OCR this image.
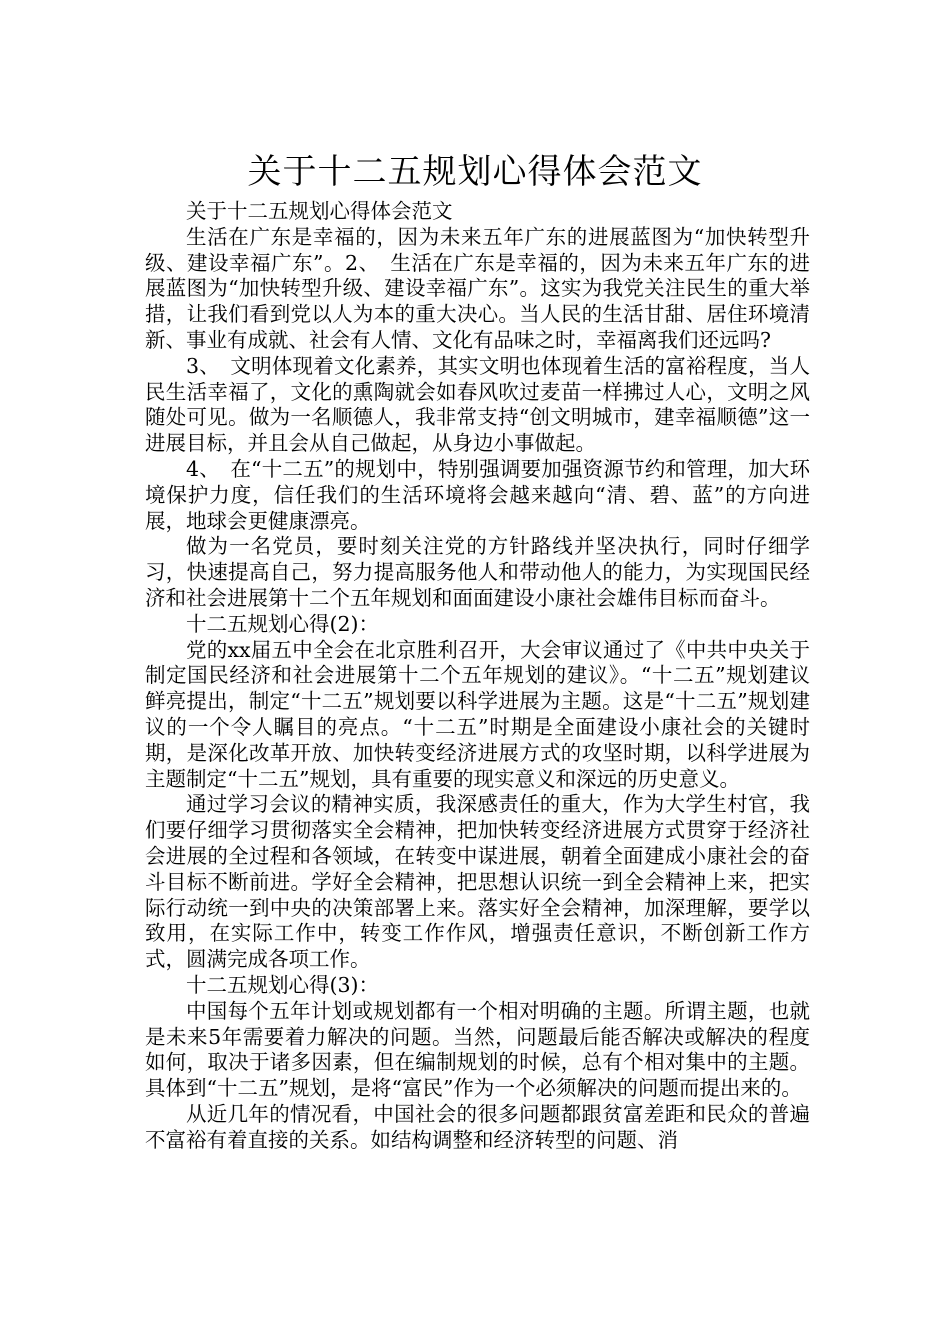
关于十二五规划心得体会范文

关于十二五规划心得体会范文

生活在广东是幸福的，因为未来五年广东的进展蓝图为“加快转型升级、建设幸福广东”。2、　生活在广东是幸福的，因为未来五年广东的进展蓝图为“加快转型升级、建设幸福广东”。这实为我党关注民生的重大举措，让我们看到党以人为本的重大决心。当人民的生活甘甜、居住环境清新、事业有成就、社会有人情、文化有品味之时，幸福离我们还远吗?

3、　文明体现着文化素养，其实文明也体现着生活的富裕程度，当人民生活幸福了，文化的熏陶就会如春风吹过麦苗一样拂过人心，文明之风随处可见。做为一名顺德人，我非常支持“创文明城市，建幸福顺德”这一进展目标，并且会从自己做起，从身边小事做起。

4、　在“十二五”的规划中，特别强调要加强资源节约和管理，加大环境保护力度，信任我们的生活环境将会越来越向“清、碧、蓝”的方向进展，地球会更健康漂亮。

做为一名党员，要时刻关注党的方针路线并坚决执行，同时仔细学习，快速提高自己，努力提高服务他人和带动他人的能力，为实现国民经济和社会进展第十二个五年规划和面面建设小康社会雄伟目标而奋斗。

十二五规划心得(2)：

党的xx届五中全会在北京胜利召开，大会审议通过了《中共中央关于制定国民经济和社会进展第十二个五年规划的建议》。“十二五”规划建议鲜亮提出，制定“十二五”规划要以科学进展为主题。这是“十二五”规划建议的一个令人瞩目的亮点。“十二五”时期是全面建设小康社会的关键时期，是深化改革开放、加快转变经济进展方式的攻坚时期，以科学进展为主题制定“十二五”规划，具有重要的现实意义和深远的历史意义。

通过学习会议的精神实质，我深感责任的重大，作为大学生村官，我们要仔细学习贯彻落实全会精神，把加快转变经济进展方式贯穿于经济社会进展的全过程和各领域，在转变中谋进展，朝着全面建成小康社会的奋斗目标不断前进。学好全会精神，把思想认识统一到全会精神上来，把实际行动统一到中央的决策部署上来。落实好全会精神，加深理解，要学以致用，在实际工作中，转变工作作风，增强责任意识，不断创新工作方式，圆满完成各项工作。

十二五规划心得(3)：

中国每个五年计划或规划都有一个相对明确的主题。所谓主题，也就是未来5年需要着力解决的问题。当然，问题最后能否解决或解决的程度如何，取决于诸多因素，但在编制规划的时候，总有个相对集中的主题。具体到“十二五”规划，是将“富民”作为一个必须解决的问题而提出来的。

从近几年的情况看，中国社会的很多问题都跟贫富差距和民众的普遍不富裕有着直接的关系。如结构调整和经济转型的问题、消
